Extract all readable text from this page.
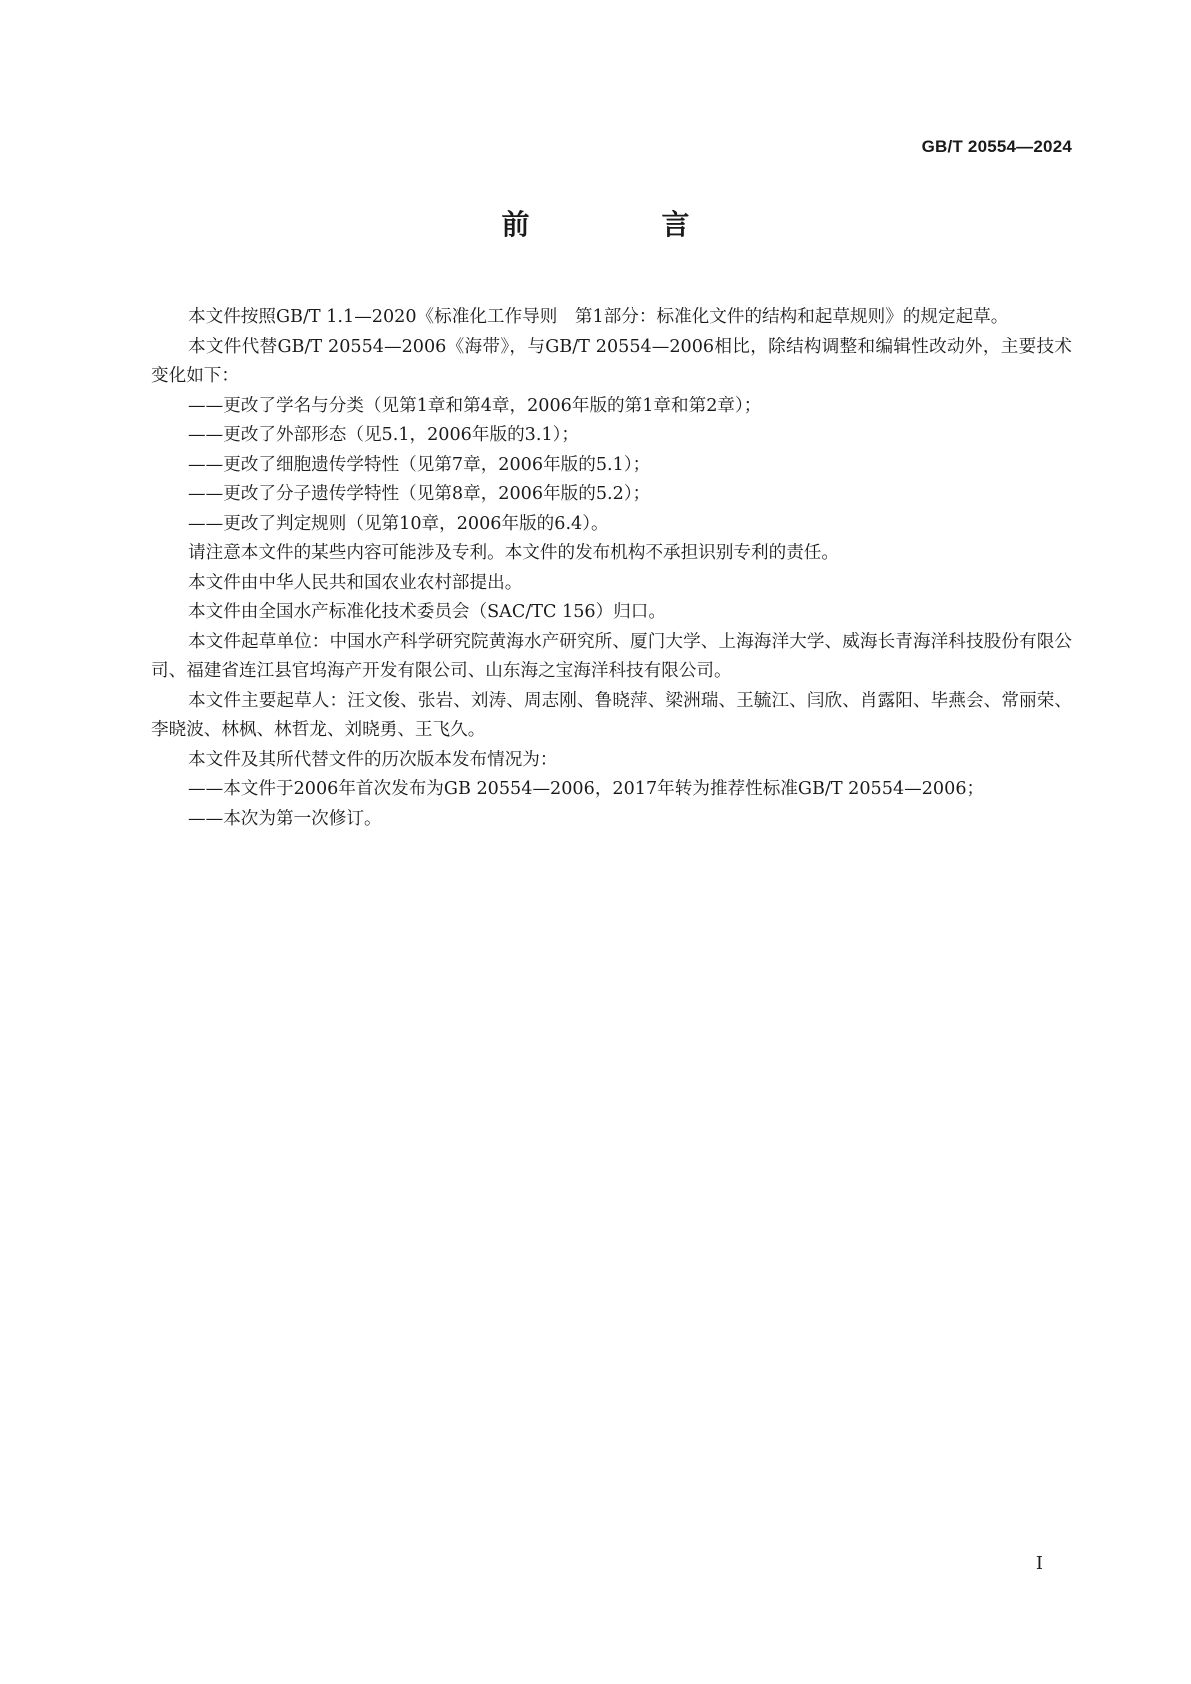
GB/T 20554—2024
前　言

本文件按照GB/T 1.1—2020《标准化工作导则　第1部分：标准化文件的结构和起草规则》的规定起草。

本文件代替GB/T 20554—2006《海带》，与GB/T 20554—2006相比，除结构调整和编辑性改动外，主要技术变化如下：

——更改了学名与分类（见第1章和第4章，2006年版的第1章和第2章）；

——更改了外部形态（见5.1，2006年版的3.1）；

——更改了细胞遗传学特性（见第7章，2006年版的5.1）；

——更改了分子遗传学特性（见第8章，2006年版的5.2）；

——更改了判定规则（见第10章，2006年版的6.4）。

请注意本文件的某些内容可能涉及专利。本文件的发布机构不承担识别专利的责任。

本文件由中华人民共和国农业农村部提出。

本文件由全国水产标准化技术委员会（SAC/TC 156）归口。

本文件起草单位：中国水产科学研究院黄海水产研究所、厦门大学、上海海洋大学、威海长青海洋科技股份有限公司、福建省连江县官坞海产开发有限公司、山东海之宝海洋科技有限公司。

本文件主要起草人：汪文俊、张岩、刘涛、周志刚、鲁晓萍、梁洲瑞、王毓江、闫欣、肖露阳、毕燕会、常丽荣、李晓波、林枫、林哲龙、刘晓勇、王飞久。

本文件及其所代替文件的历次版本发布情况为：

——本文件于2006年首次发布为GB 20554—2006，2017年转为推荐性标准GB/T 20554—2006；

——本次为第一次修订。

I
